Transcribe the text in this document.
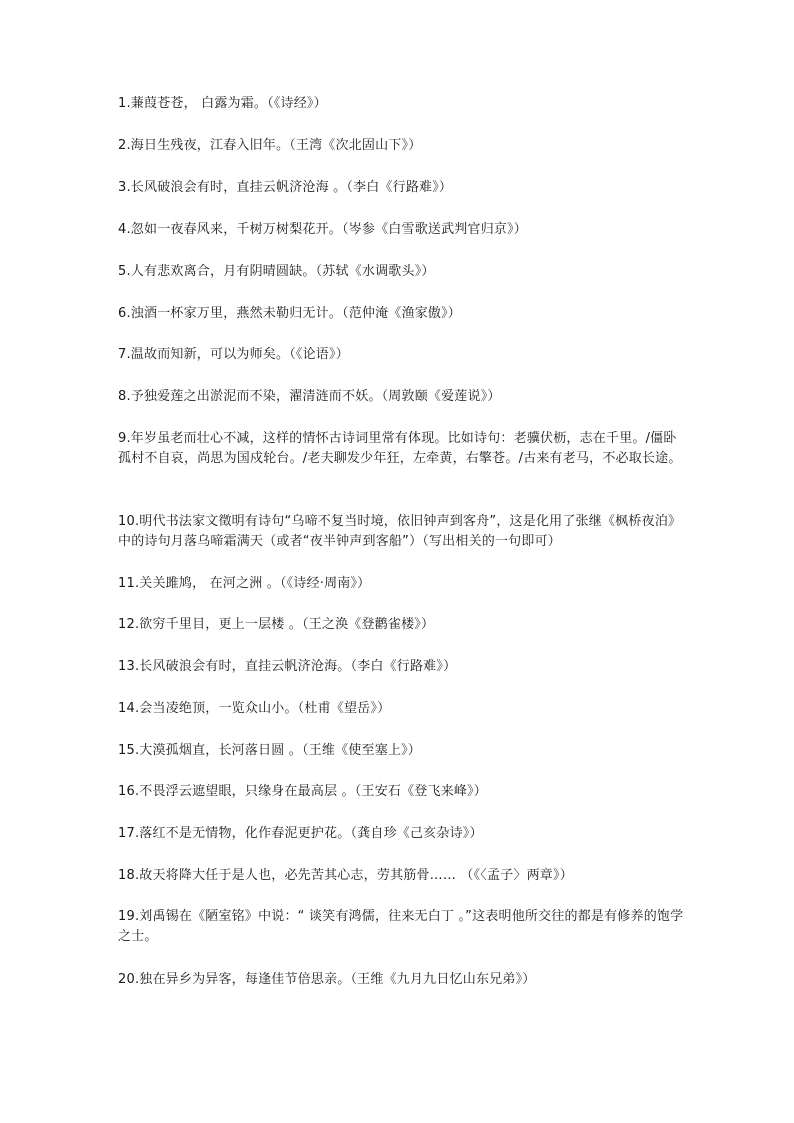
1.蒹葭苍苍， 白露为霜。（《诗经》）
2.海日生残夜，江春入旧年。（王湾《次北固山下》）
3.长风破浪会有时，直挂云帆济沧海 。（李白《行路难》）
4.忽如一夜春风来，千树万树梨花开。（岑参《白雪歌送武判官归京》）
5.人有悲欢离合，月有阴晴圆缺。（苏轼《水调歌头》）
6.浊酒一杯家万里，燕然未勒归无计。（范仲淹《渔家傲》）
7.温故而知新，可以为师矣。（《论语》）
8.予独爱莲之出淤泥而不染，濯清涟而不妖。（周敦颐《爱莲说》）
9.年岁虽老而壮心不减，这样的情怀古诗词里常有体现。比如诗句：老骥伏枥，志在千里。/僵卧孤村不自哀，尚思为国戍轮台。/老夫聊发少年狂，左牵黄，右擎苍。/古来有老马，不必取长途。
10.明代书法家文徵明有诗句“乌啼不复当时境，依旧钟声到客舟”，这是化用了张继《枫桥夜泊》中的诗句月落乌啼霜满天（或者“夜半钟声到客船”）（写出相关的一句即可）
11.关关雎鸠， 在河之洲 。（《诗经·周南》）
12.欲穷千里目，更上一层楼 。（王之涣《登鹳雀楼》）
13.长风破浪会有时，直挂云帆济沧海。（李白《行路难》）
14.会当凌绝顶，一览众山小。（杜甫《望岳》）
15.大漠孤烟直，长河落日圆 。（王维《使至塞上》）
16.不畏浮云遮望眼，只缘身在最高层 。（王安石《登飞来峰》）
17.落红不是无情物，化作春泥更护花。（龚自珍《己亥杂诗》）
18.故天将降大任于是人也，必先苦其心志，劳其筋骨…… （《〈孟子〉两章》）
19.刘禹锡在《陋室铭》中说：“ 谈笑有鸿儒，往来无白丁 。”这表明他所交往的都是有修养的饱学之士。
20.独在异乡为异客，每逢佳节倍思亲。（王维《九月九日忆山东兄弟》）
